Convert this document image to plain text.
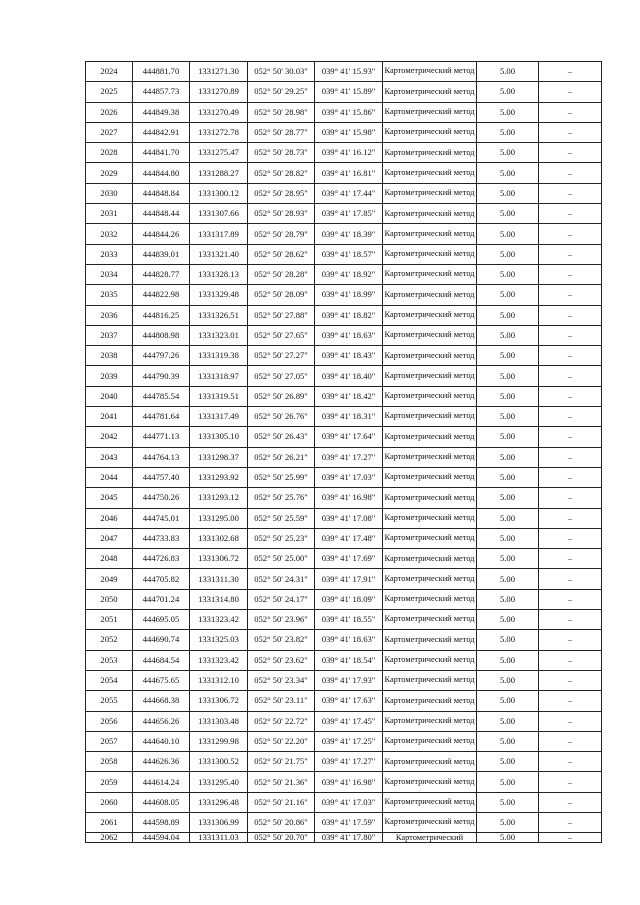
2024	444881.70	1331271.30	052° 50' 30.03"	039° 41' 15.93"	Картометрический метод	5.00	–
2025	444857.73	1331270.89	052° 50' 29.25"	039° 41' 15.89"	Картометрический метод	5.00	–
2026	444849.38	1331270.49	052° 50' 28.98"	039° 41' 15.86"	Картометрический метод	5.00	–
2027	444842.91	1331272.78	052° 50' 28.77"	039° 41' 15.98"	Картометрический метод	5.00	–
2028	444841.70	1331275.47	052° 50' 28.73"	039° 41' 16.12"	Картометрический метод	5.00	–
2029	444844.80	1331288.27	052° 50' 28.82"	039° 41' 16.81"	Картометрический метод	5.00	–
2030	444848.84	1331300.12	052° 50' 28.95"	039° 41' 17.44"	Картометрический метод	5.00	–
2031	444848.44	1331307.66	052° 50' 28.93"	039° 41' 17.85"	Картометрический метод	5.00	–
2032	444844.26	1331317.89	052° 50' 28.79"	039° 41' 18.39"	Картометрический метод	5.00	–
2033	444839.01	1331321.40	052° 50' 28.62"	039° 41' 18.57"	Картометрический метод	5.00	–
2034	444828.77	1331328.13	052° 50' 28.28"	039° 41' 18.92"	Картометрический метод	5.00	–
2035	444822.98	1331329.48	052° 50' 28.09"	039° 41' 18.99"	Картометрический метод	5.00	–
2036	444816.25	1331326.51	052° 50' 27.88"	039° 41' 18.82"	Картометрический метод	5.00	–
2037	444808.98	1331323.01	052° 50' 27.65"	039° 41' 18.63"	Картометрический метод	5.00	–
2038	444797.26	1331319.38	052° 50' 27.27"	039° 41' 18.43"	Картометрический метод	5.00	–
2039	444790.39	1331318.97	052° 50' 27.05"	039° 41' 18.40"	Картометрический метод	5.00	–
2040	444785.54	1331319.51	052° 50' 26.89"	039° 41' 18.42"	Картометрический метод	5.00	–
2041	444781.64	1331317.49	052° 50' 26.76"	039° 41' 18.31"	Картометрический метод	5.00	–
2042	444771.13	1331305.10	052° 50' 26.43"	039° 41' 17.64"	Картометрический метод	5.00	–
2043	444764.13	1331298.37	052° 50' 26.21"	039° 41' 17.27"	Картометрический метод	5.00	–
2044	444757.40	1331293.92	052° 50' 25.99"	039° 41' 17.03"	Картометрический метод	5.00	–
2045	444750.26	1331293.12	052° 50' 25.76"	039° 41' 16.98"	Картометрический метод	5.00	–
2046	444745.01	1331295.00	052° 50' 25.59"	039° 41' 17.08"	Картометрический метод	5.00	–
2047	444733.83	1331302.68	052° 50' 25.23"	039° 41' 17.48"	Картометрический метод	5.00	–
2048	444726.83	1331306.72	052° 50' 25.00"	039° 41' 17.69"	Картометрический метод	5.00	–
2049	444705.82	1331311.30	052° 50' 24.31"	039° 41' 17.91"	Картометрический метод	5.00	–
2050	444701.24	1331314.80	052° 50' 24.17"	039° 41' 18.09"	Картометрический метод	5.00	–
2051	444695.05	1331323.42	052° 50' 23.96"	039° 41' 18.55"	Картометрический метод	5.00	–
2052	444690.74	1331325.03	052° 50' 23.82"	039° 41' 18.63"	Картометрический метод	5.00	–
2053	444684.54	1331323.42	052° 50' 23.62"	039° 41' 18.54"	Картометрический метод	5.00	–
2054	444675.65	1331312.10	052° 50' 23.34"	039° 41' 17.93"	Картометрический метод	5.00	–
2055	444668.38	1331306.72	052° 50' 23.11"	039° 41' 17.63"	Картометрический метод	5.00	–
2056	444656.26	1331303.48	052° 50' 22.72"	039° 41' 17.45"	Картометрический метод	5.00	–
2057	444640.10	1331299.98	052° 50' 22.20"	039° 41' 17.25"	Картометрический метод	5.00	–
2058	444626.36	1331300.52	052° 50' 21.75"	039° 41' 17.27"	Картометрический метод	5.00	–
2059	444614.24	1331295.40	052° 50' 21.36"	039° 41' 16.98"	Картометрический метод	5.00	–
2060	444608.05	1331296.48	052° 50' 21.16"	039° 41' 17.03"	Картометрический метод	5.00	–
2061	444598.89	1331306.99	052° 50' 20.86"	039° 41' 17.59"	Картометрический метод	5.00	–
2062	444594.04	1331311.03	052° 50' 20.70"	039° 41' 17.80"	Картометрический	5.00	–
